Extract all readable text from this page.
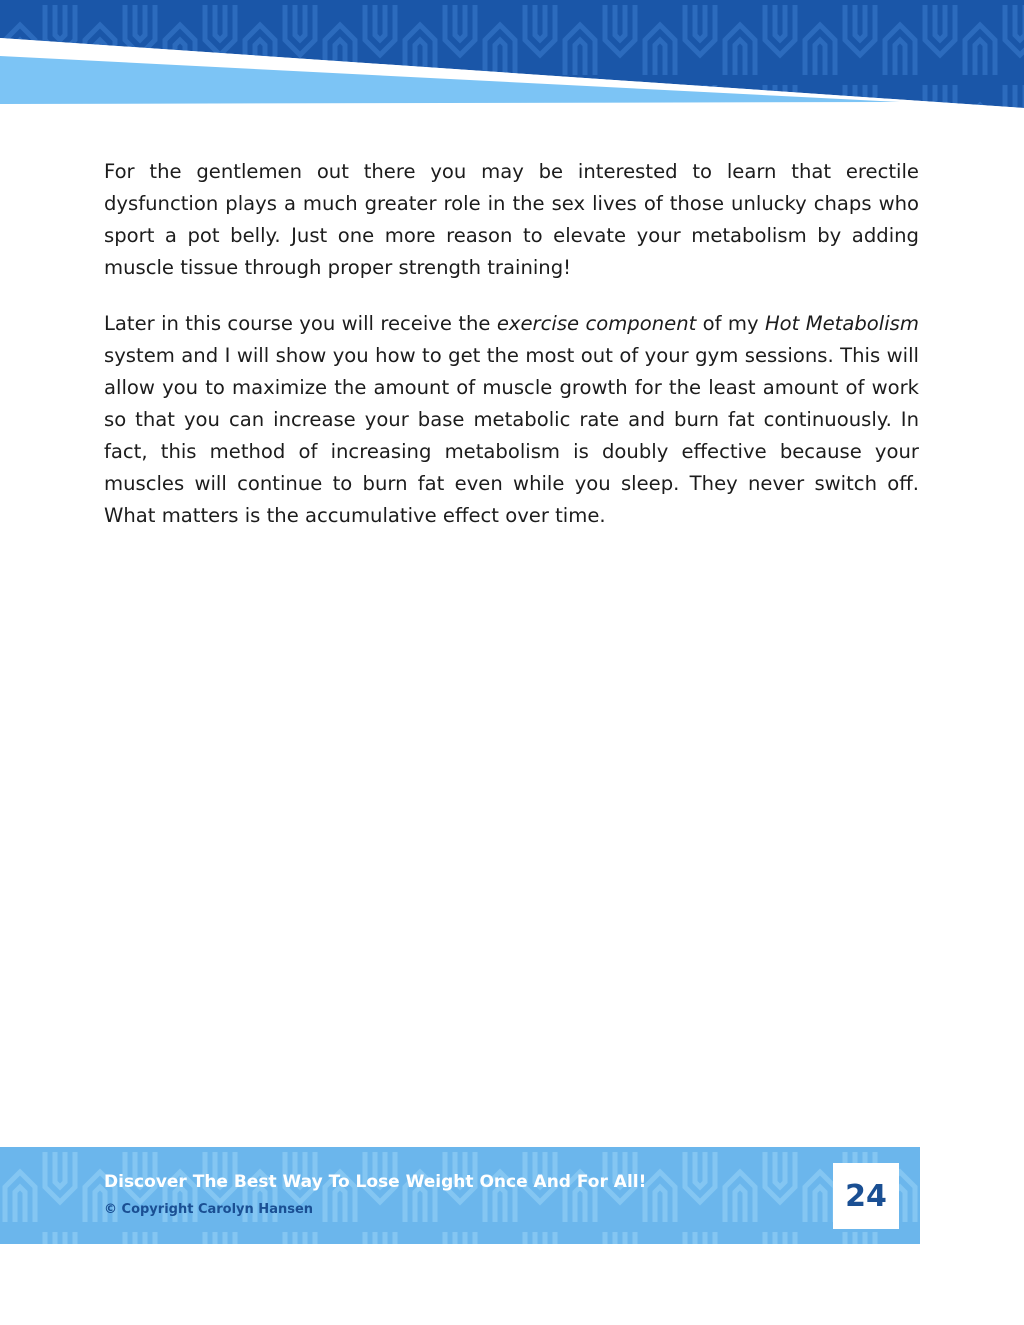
For the gentlemen out there you may be interested to learn that erectile dysfunction plays a much greater role in the sex lives of those unlucky chaps who sport a pot belly. Just one more reason to elevate your metabolism by adding muscle tissue through proper strength training!

Later in this course you will receive the exercise component of my Hot Metabolism system and I will show you how to get the most out of your gym sessions. This will allow you to maximize the amount of muscle growth for the least amount of work so that you can increase your base metabolic rate and burn fat continuously. In fact, this method of increasing metabolism is doubly effective because your muscles will continue to burn fat even while you sleep. They never switch off. What matters is the accumulative effect over time.

Discover The Best Way To Lose Weight Once And For All!
© Copyright Carolyn Hansen	24
